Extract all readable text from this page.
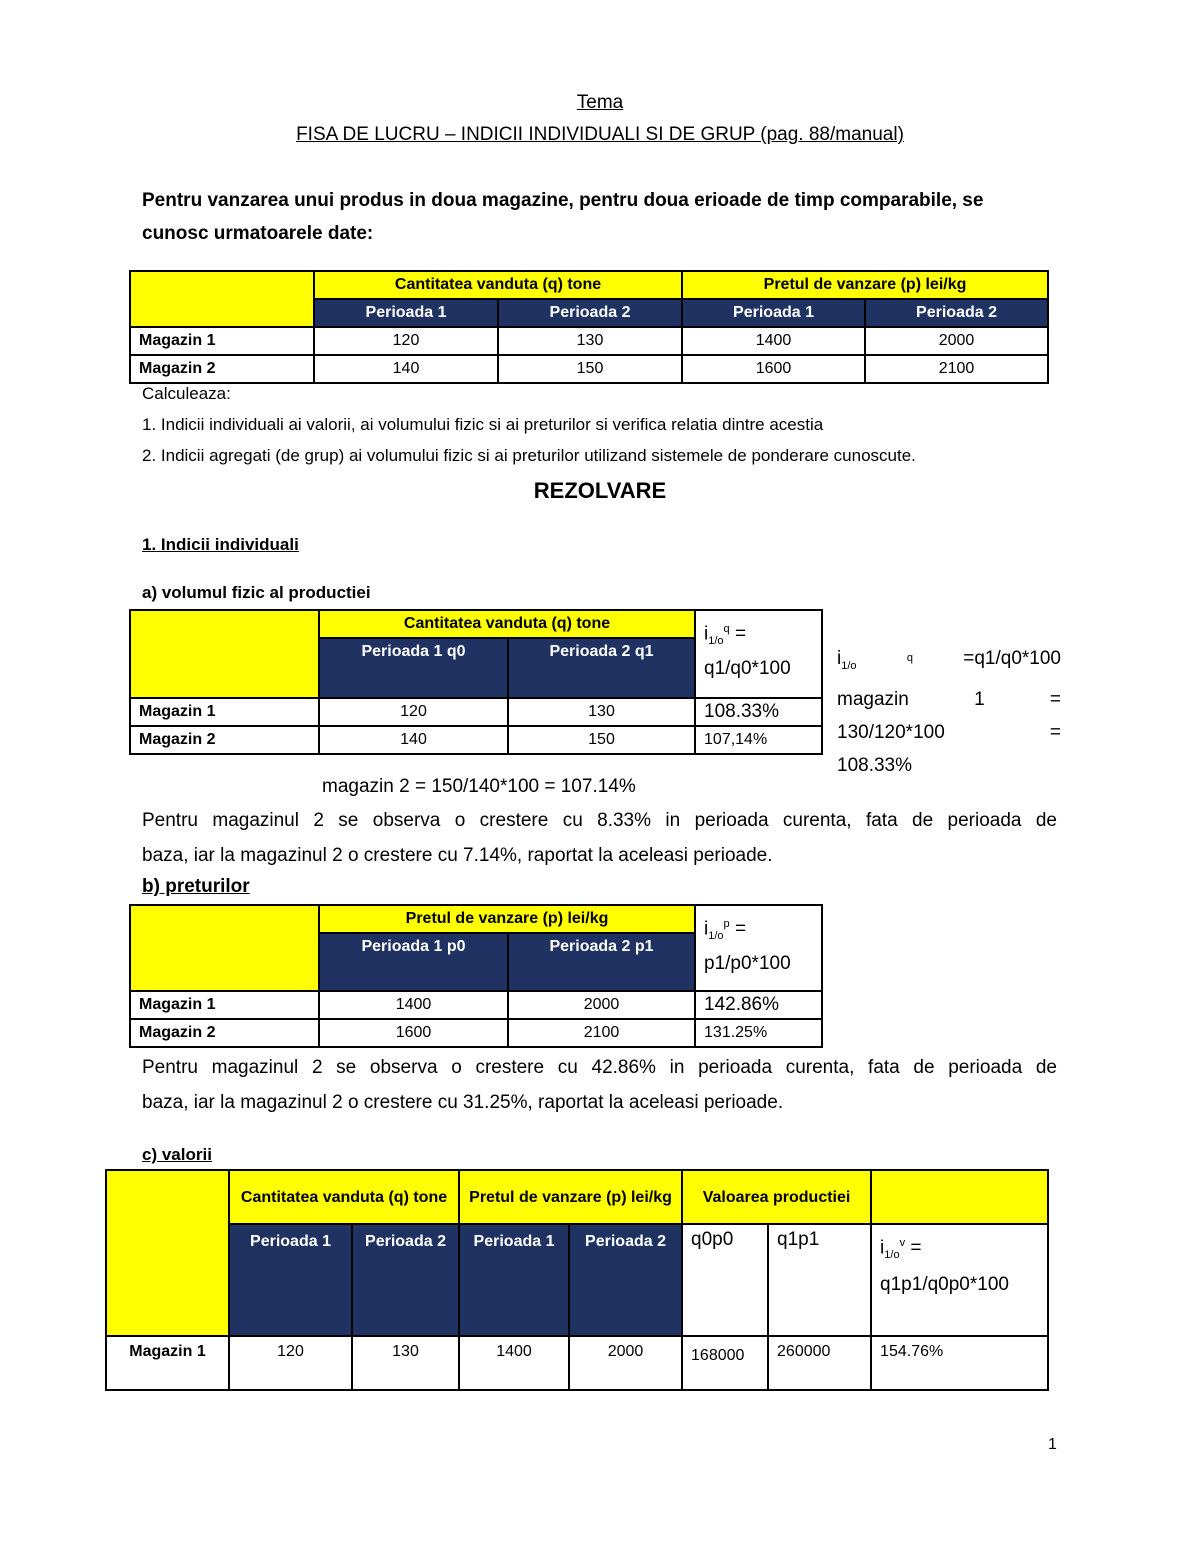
Tema
FISA DE LUCRU – INDICII INDIVIDUALI SI DE GRUP (pag. 88/manual)
Pentru vanzarea unui produs in doua magazine, pentru doua erioade de timp comparabile, se
cunosc urmatoarele date:
	Cantitatea vanduta (q) tone		Pretul de vanzare (p) lei/kg	
	Perioada 1	Perioada 2	Perioada 1	Perioada 2
Magazin 1	120	130	1400	2000
Magazin 2	140	150	1600	2100
Calculeaza:
1. Indicii individuali ai valorii, ai volumului fizic si ai preturilor si verifica relatia dintre acestia
2. Indicii agregati (de grup) ai volumului fizic si ai preturilor utilizand sistemele de ponderare cunoscute.
REZOLVARE
1. Indicii individuali
a) volumul fizic al productiei
	Cantitatea vanduta (q) tone		$i_{1/o}^q$ =
q1/q0*100
	Perioada 1 q0	Perioada 2 q1	
Magazin 1	120	130	108.33%
Magazin 2	140	150	107,14%
$i_{1/o}$
q	=q1/q0*100
magazin	1	=
130/120*100	=
108.33%
magazin 2 = 150/140*100 = 107.14%
Pentru magazinul 2 se observa o crestere cu 8.33% in perioada curenta, fata de perioada de
baza, iar la magazinul 2 o crestere cu 7.14%, raportat la aceleasi perioade.
b) preturilor
	Pretul de vanzare (p) lei/kg		$i_{1/o}^p$ =
p1/p0*100
	Perioada 1 p0	Perioada 2 p1	
Magazin 1	1400	2000	142.86%
Magazin 2	1600	2100	131.25%
Pentru magazinul 2 se observa o crestere cu 42.86% in perioada curenta, fata de perioada de
baza, iar la magazinul 2 o crestere cu 31.25%, raportat la aceleasi perioade.
c) valorii
	Cantitatea vanduta (q) tone		Pretul de vanzare (p) lei/kg		Valoarea productiei		
	Perioada 1	Perioada 2	Perioada 1	Perioada 2	q0p0	q1p1	$i_{1/o}^v$ =
q1p1/q0p0*100
Magazin 1	120	130	1400	2000	168000	260000	154.76%
1
